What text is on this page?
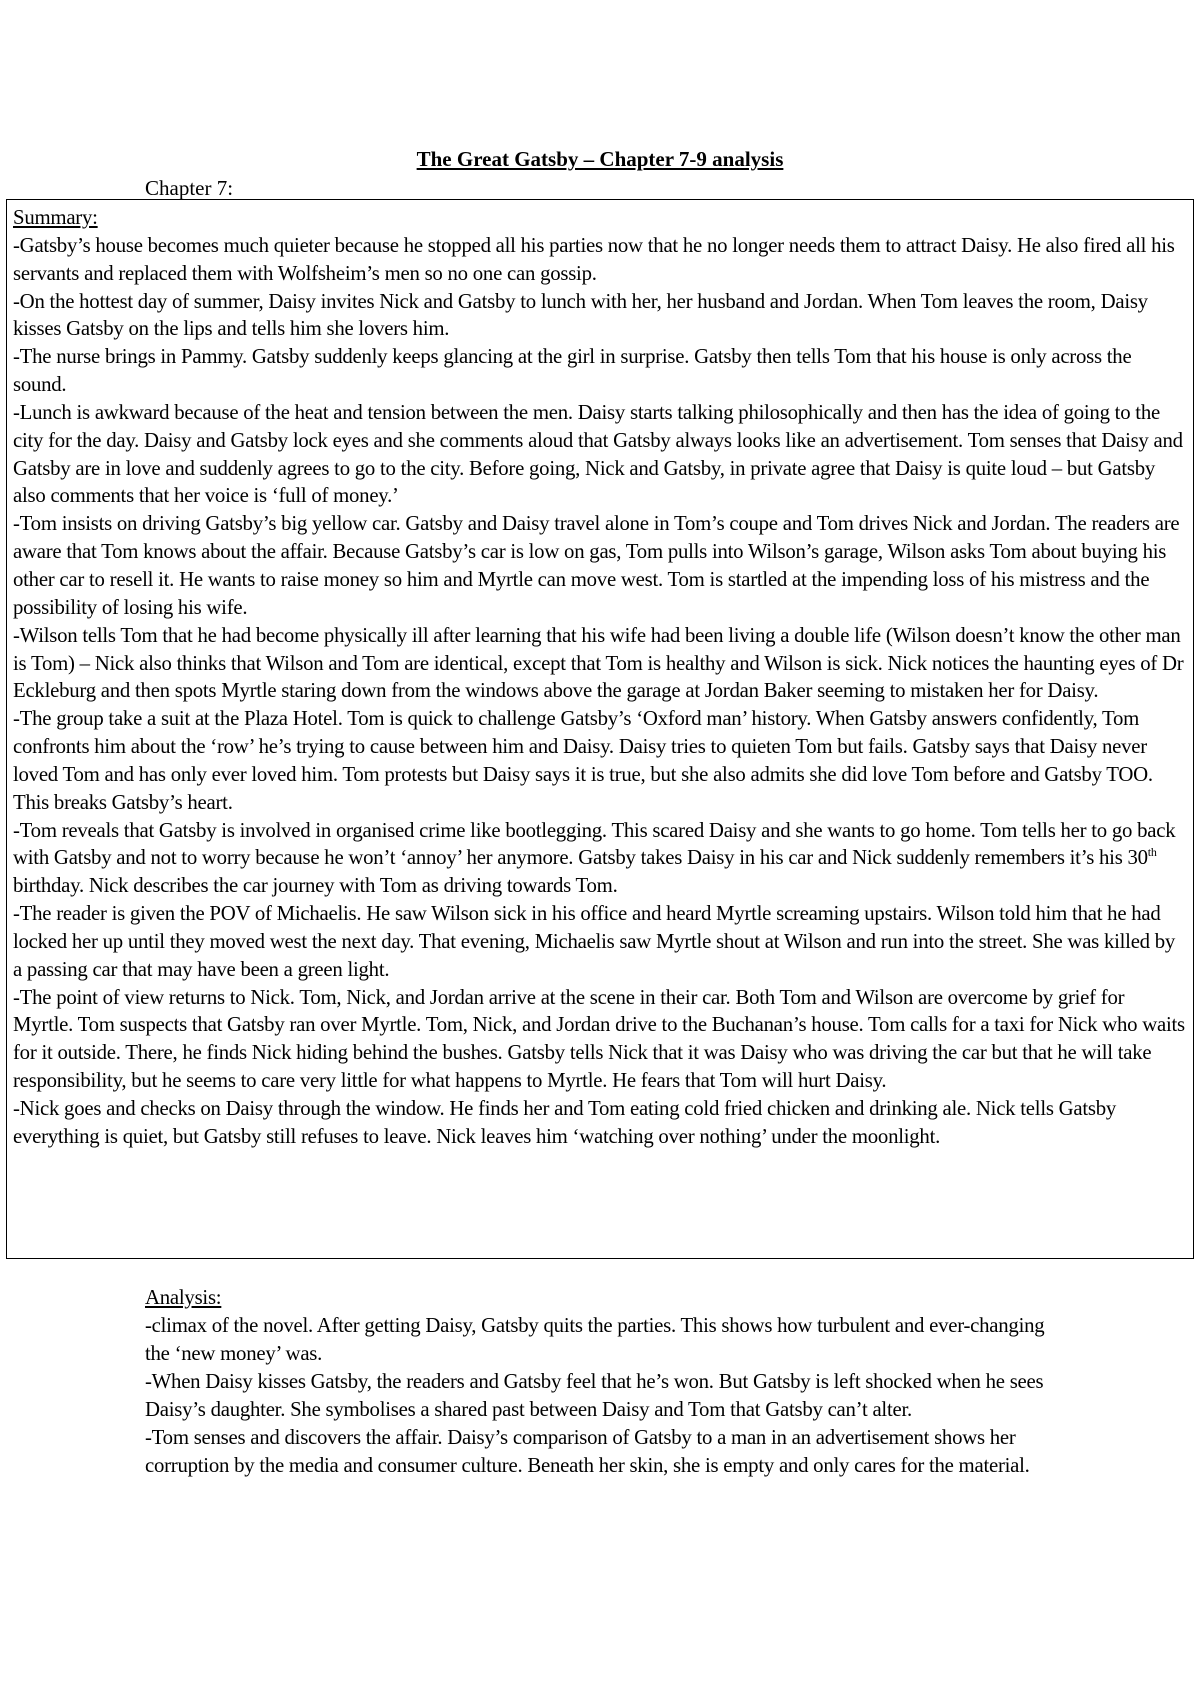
The Great Gatsby – Chapter 7-9 analysis
Chapter 7:

Summary:

-Gatsby’s house becomes much quieter because he stopped all his parties now that he no longer needs them to attract Daisy. He also fired all his servants and replaced them with Wolfsheim’s men so no one can gossip.

-On the hottest day of summer, Daisy invites Nick and Gatsby to lunch with her, her husband and Jordan. When Tom leaves the room, Daisy kisses Gatsby on the lips and tells him she lovers him.

-The nurse brings in Pammy. Gatsby suddenly keeps glancing at the girl in surprise. Gatsby then tells Tom that his house is only across the sound.

-Lunch is awkward because of the heat and tension between the men. Daisy starts talking philosophically and then has the idea of going to the city for the day. Daisy and Gatsby lock eyes and she comments aloud that Gatsby always looks like an advertisement. Tom senses that Daisy and Gatsby are in love and suddenly agrees to go to the city. Before going, Nick and Gatsby, in private agree that Daisy is quite loud – but Gatsby also comments that her voice is ‘full of money.’

-Tom insists on driving Gatsby’s big yellow car. Gatsby and Daisy travel alone in Tom’s coupe and Tom drives Nick and Jordan. The readers are aware that Tom knows about the affair. Because Gatsby’s car is low on gas, Tom pulls into Wilson’s garage, Wilson asks Tom about buying his other car to resell it. He wants to raise money so him and Myrtle can move west. Tom is startled at the impending loss of his mistress and the possibility of losing his wife.

-Wilson tells Tom that he had become physically ill after learning that his wife had been living a double life (Wilson doesn’t know the other man is Tom) – Nick also thinks that Wilson and Tom are identical, except that Tom is healthy and Wilson is sick. Nick notices the haunting eyes of Dr Eckleburg and then spots Myrtle staring down from the windows above the garage at Jordan Baker seeming to mistaken her for Daisy.

-The group take a suit at the Plaza Hotel. Tom is quick to challenge Gatsby’s ‘Oxford man’ history. When Gatsby answers confidently, Tom confronts him about the ‘row’ he’s trying to cause between him and Daisy. Daisy tries to quieten Tom but fails. Gatsby says that Daisy never loved Tom and has only ever loved him. Tom protests but Daisy says it is true, but she also admits she did love Tom before and Gatsby TOO. This breaks Gatsby’s heart.

-Tom reveals that Gatsby is involved in organised crime like bootlegging. This scared Daisy and she wants to go home. Tom tells her to go back with Gatsby and not to worry because he won’t ‘annoy’ her anymore. Gatsby takes Daisy in his car and Nick suddenly remembers it’s his 30th birthday. Nick describes the car journey with Tom as driving towards Tom.

-The reader is given the POV of Michaelis. He saw Wilson sick in his office and heard Myrtle screaming upstairs. Wilson told him that he had locked her up until they moved west the next day. That evening, Michaelis saw Myrtle shout at Wilson and run into the street. She was killed by a passing car that may have been a green light.

-The point of view returns to Nick. Tom, Nick, and Jordan arrive at the scene in their car. Both Tom and Wilson are overcome by grief for Myrtle. Tom suspects that Gatsby ran over Myrtle. Tom, Nick, and Jordan drive to the Buchanan’s house. Tom calls for a taxi for Nick who waits for it outside. There, he finds Nick hiding behind the bushes. Gatsby tells Nick that it was Daisy who was driving the car but that he will take responsibility, but he seems to care very little for what happens to Myrtle. He fears that Tom will hurt Daisy.

-Nick goes and checks on Daisy through the window. He finds her and Tom eating cold fried chicken and drinking ale. Nick tells Gatsby everything is quiet, but Gatsby still refuses to leave. Nick leaves him ‘watching over nothing’ under the moonlight.

Analysis:

-climax of the novel. After getting Daisy, Gatsby quits the parties. This shows how turbulent and ever-changing the ‘new money’ was.

-When Daisy kisses Gatsby, the readers and Gatsby feel that he’s won. But Gatsby is left shocked when he sees Daisy’s daughter. She symbolises a shared past between Daisy and Tom that Gatsby can’t alter.

-Tom senses and discovers the affair. Daisy’s comparison of Gatsby to a man in an advertisement shows her corruption by the media and consumer culture. Beneath her skin, she is empty and only cares for the material.
